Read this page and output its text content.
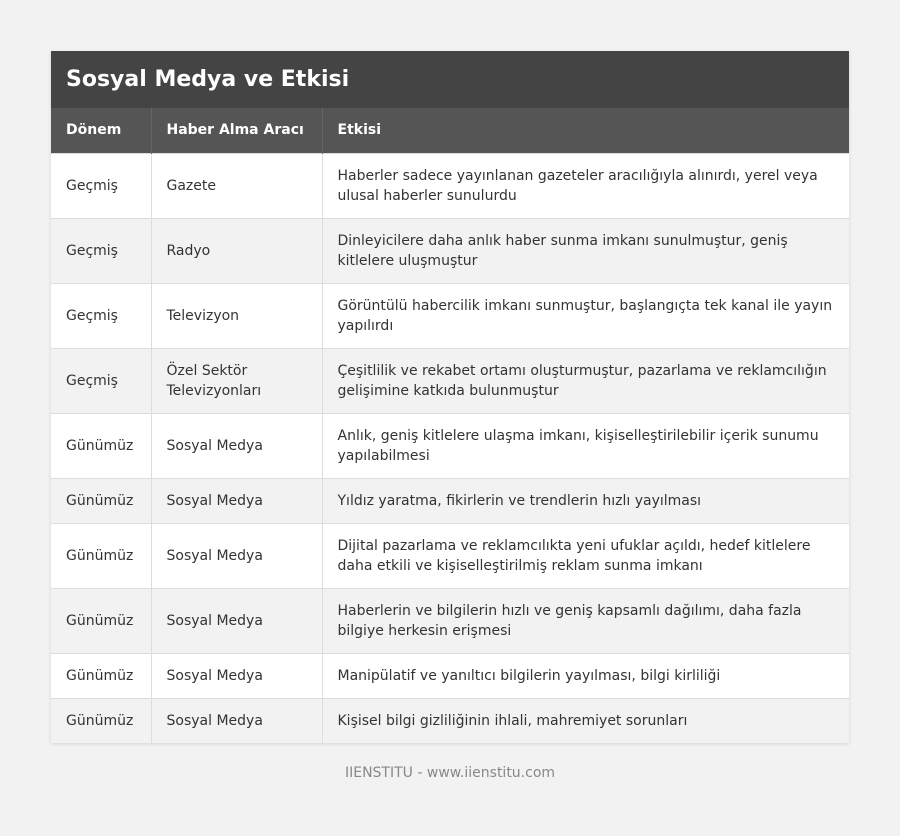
Sosyal Medya ve Etkisi
Dönem	Haber Alma Aracı	Etkisi
Geçmiş	Gazete	Haberler sadece yayınlanan gazeteler aracılığıyla alınırdı, yerel veya ulusal haberler sunulurdu
Geçmiş	Radyo	Dinleyicilere daha anlık haber sunma imkanı sunulmuştur, geniş kitlelere uluşmuştur
Geçmiş	Televizyon	Görüntülü habercilik imkanı sunmuştur, başlangıçta tek kanal ile yayın yapılırdı
Geçmiş	Özel Sektör Televizyonları	Çeşitlilik ve rekabet ortamı oluşturmuştur, pazarlama ve reklamcılığın gelişimine katkıda bulunmuştur
Günümüz	Sosyal Medya	Anlık, geniş kitlelere ulaşma imkanı, kişiselleştirilebilir içerik sunumu yapılabilmesi
Günümüz	Sosyal Medya	Yıldız yaratma, fikirlerin ve trendlerin hızlı yayılması
Günümüz	Sosyal Medya	Dijital pazarlama ve reklamcılıkta yeni ufuklar açıldı, hedef kitlelere daha etkili ve kişiselleştirilmiş reklam sunma imkanı
Günümüz	Sosyal Medya	Haberlerin ve bilgilerin hızlı ve geniş kapsamlı dağılımı, daha fazla bilgiye herkesin erişmesi
Günümüz	Sosyal Medya	Manipülatif ve yanıltıcı bilgilerin yayılması, bilgi kirliliği
Günümüz	Sosyal Medya	Kişisel bilgi gizliliğinin ihlali, mahremiyet sorunları
IIENSTITU - www.iienstitu.com
